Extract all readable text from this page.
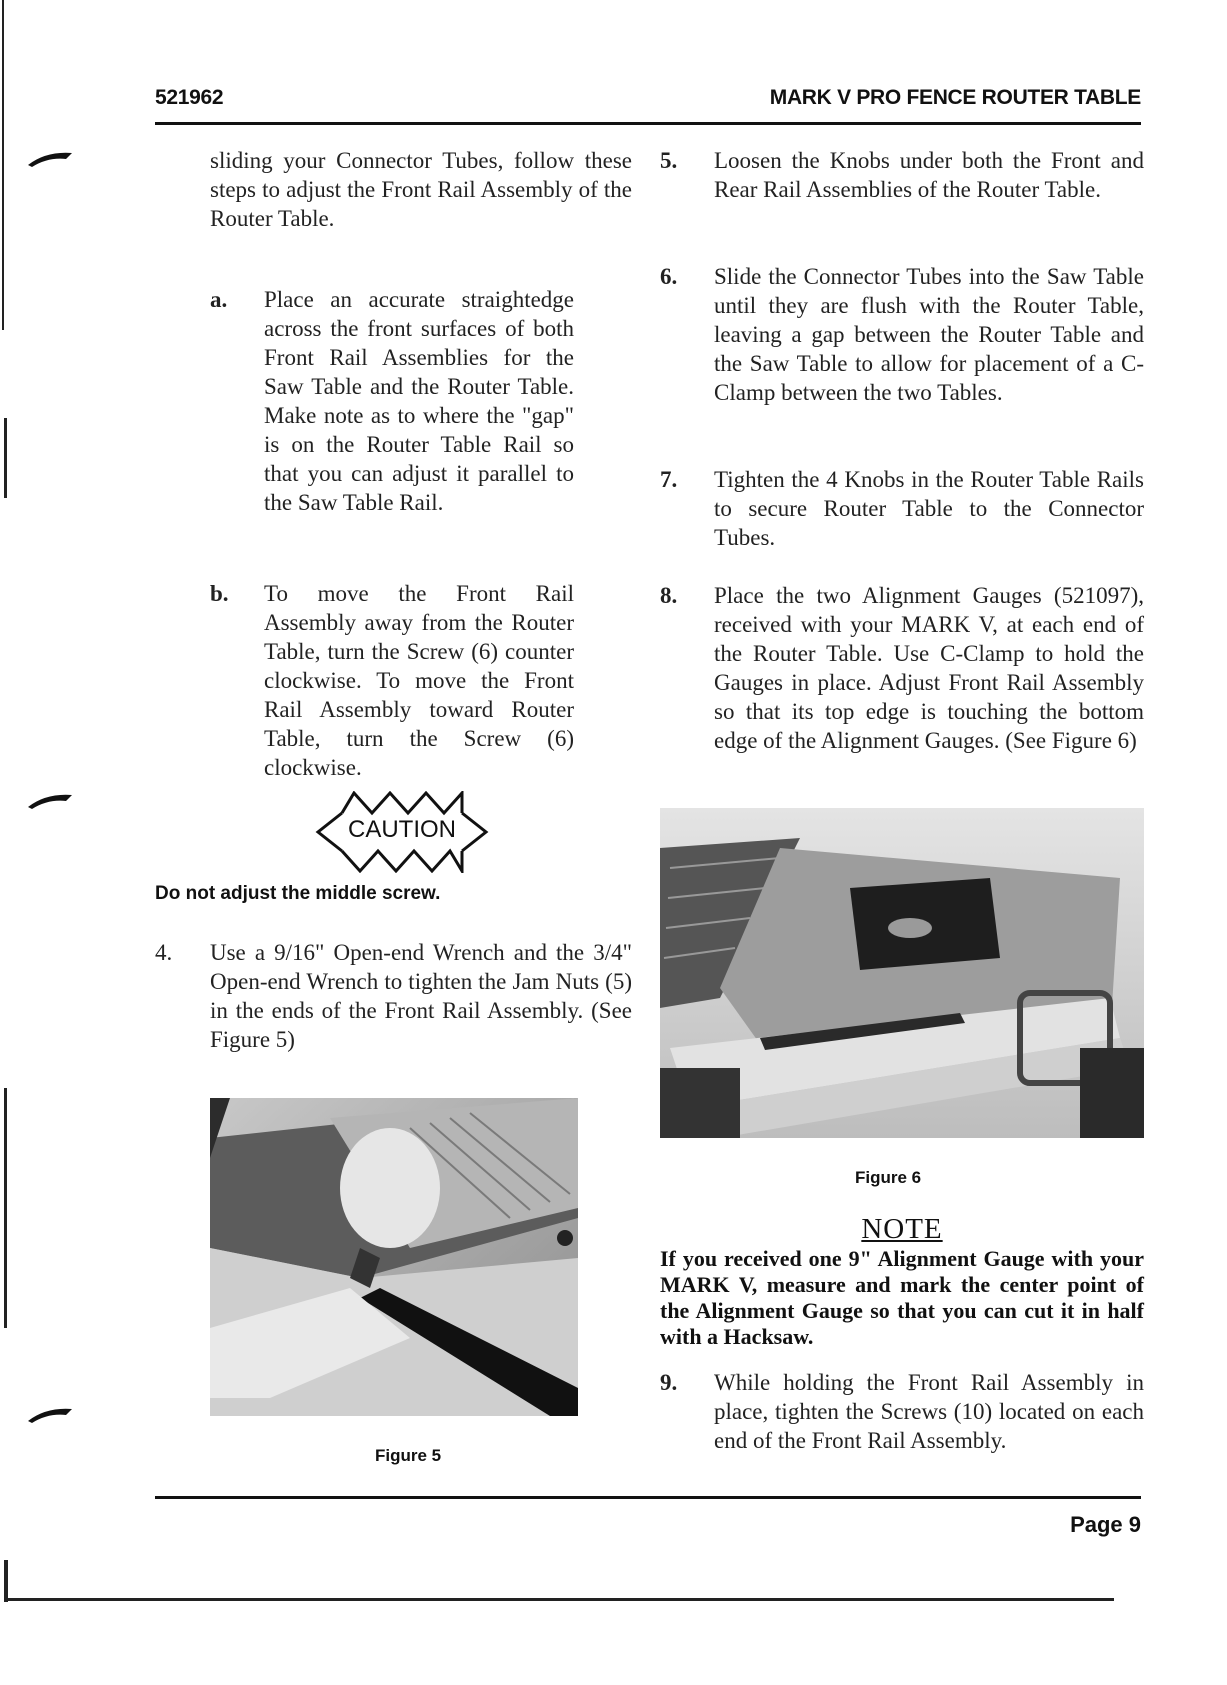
521962	MARK V PRO FENCE ROUTER TABLE
sliding your Connector Tubes, follow these steps to adjust the Front Rail Assembly of the Router Table.
a. Place an accurate straightedge across the front surfaces of both Front Rail Assemblies for the Saw Table and the Router Table. Make note as to where the "gap" is on the Router Table Rail so that you can adjust it parallel to the Saw Table Rail.
b. To move the Front Rail Assembly away from the Router Table, turn the Screw (6) counter clockwise. To move the Front Rail Assembly toward Router Table, turn the Screw (6) clockwise.
CAUTION
Do not adjust the middle screw.
4. Use a 9/16" Open-end Wrench and the 3/4" Open-end Wrench to tighten the Jam Nuts (5) in the ends of the Front Rail Assembly. (See Figure 5)
Figure 5
5. Loosen the Knobs under both the Front and Rear Rail Assemblies of the Router Table.
6. Slide the Connector Tubes into the Saw Table until they are flush with the Router Table, leaving a gap between the Router Table and the Saw Table to allow for placement of a C-Clamp between the two Tables.
7. Tighten the 4 Knobs in the Router Table Rails to secure Router Table to the Connector Tubes.
8. Place the two Alignment Gauges (521097), received with your MARK V, at each end of the Router Table. Use C-Clamp to hold the Gauges in place. Adjust Front Rail Assembly so that its top edge is touching the bottom edge of the Alignment Gauges. (See Figure 6)
Figure 6
NOTE
If you received one 9" Alignment Gauge with your MARK V, measure and mark the center point of the Alignment Gauge so that you can cut it in half with a Hacksaw.
9. While holding the Front Rail Assembly in place, tighten the Screws (10) located on each end of the Front Rail Assembly.
Page 9
